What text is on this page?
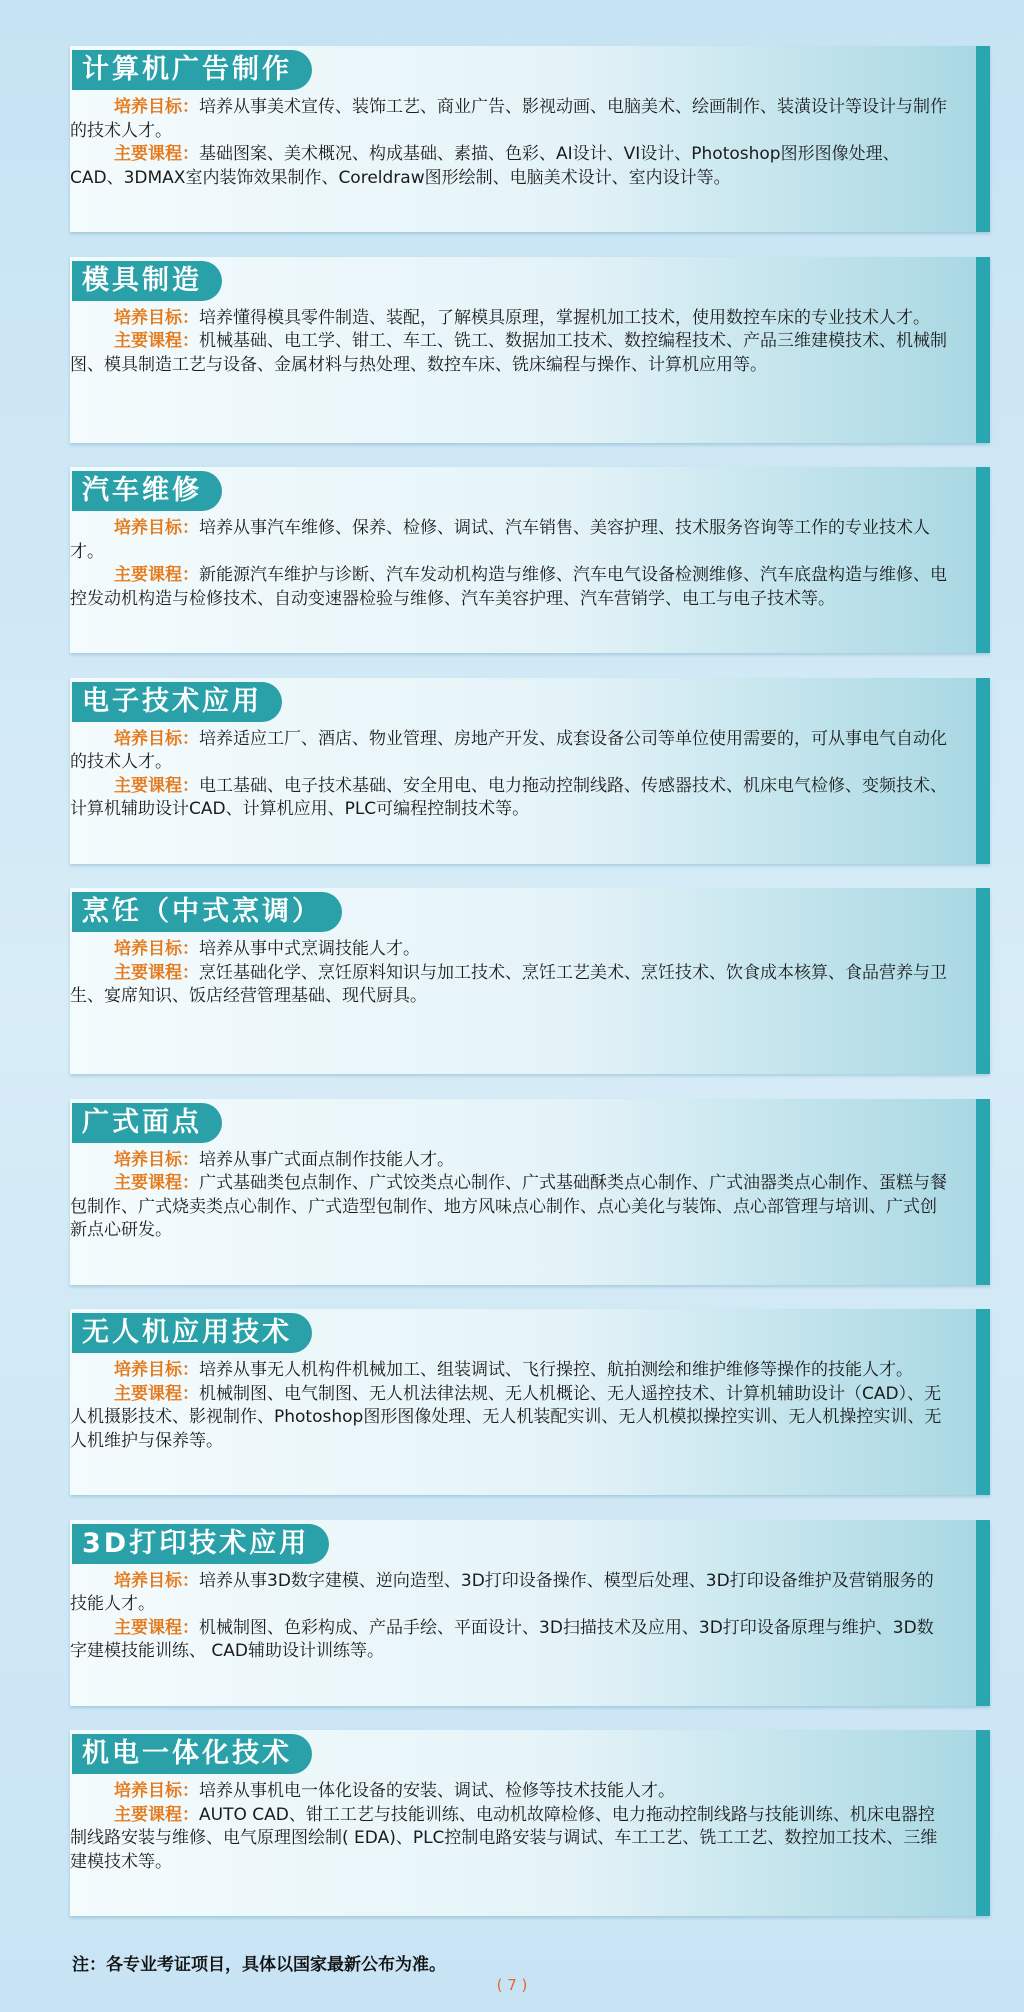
计算机广告制作

培养目标：培养从事美术宣传、装饰工艺、商业广告、影视动画、电脑美术、绘画制作、装潢设计等设计与制作的技术人才。

主要课程：基础图案、美术概况、构成基础、素描、色彩、AI设计、VI设计、Photoshop图形图像处理、CAD、3DMAX室内装饰效果制作、Coreldraw图形绘制、电脑美术设计、室内设计等。

模具制造

培养目标：培养懂得模具零件制造、装配，了解模具原理，掌握机加工技术，使用数控车床的专业技术人才。

主要课程：机械基础、电工学、钳工、车工、铣工、数据加工技术、数控编程技术、产品三维建模技术、机械制图、模具制造工艺与设备、金属材料与热处理、数控车床、铣床编程与操作、计算机应用等。

汽车维修

培养目标：培养从事汽车维修、保养、检修、调试、汽车销售、美容护理、技术服务咨询等工作的专业技术人才。

主要课程：新能源汽车维护与诊断、汽车发动机构造与维修、汽车电气设备检测维修、汽车底盘构造与维修、电控发动机构造与检修技术、自动变速器检验与维修、汽车美容护理、汽车营销学、电工与电子技术等。

电子技术应用

培养目标：培养适应工厂、酒店、物业管理、房地产开发、成套设备公司等单位使用需要的，可从事电气自动化的技术人才。

主要课程：电工基础、电子技术基础、安全用电、电力拖动控制线路、传感器技术、机床电气检修、变频技术、计算机辅助设计CAD、计算机应用、PLC可编程控制技术等。

烹饪（中式烹调）

培养目标：培养从事中式烹调技能人才。

主要课程：烹饪基础化学、烹饪原料知识与加工技术、烹饪工艺美术、烹饪技术、饮食成本核算、食品营养与卫生、宴席知识、饭店经营管理基础、现代厨具。

广式面点

培养目标：培养从事广式面点制作技能人才。

主要课程：广式基础类包点制作、广式饺类点心制作、广式基础酥类点心制作、广式油器类点心制作、蛋糕与餐包制作、广式烧卖类点心制作、广式造型包制作、地方风味点心制作、点心美化与装饰、点心部管理与培训、广式创新点心研发。

无人机应用技术

培养目标：培养从事无人机构件机械加工、组装调试、飞行操控、航拍测绘和维护维修等操作的技能人才。

主要课程：机械制图、电气制图、无人机法律法规、无人机概论、无人遥控技术、计算机辅助设计（CAD）、无人机摄影技术、影视制作、Photoshop图形图像处理、无人机装配实训、无人机模拟操控实训、无人机操控实训、无人机维护与保养等。

3D打印技术应用

培养目标：培养从事3D数字建模、逆向造型、3D打印设备操作、模型后处理、3D打印设备维护及营销服务的技能人才。

主要课程：机械制图、色彩构成、产品手绘、平面设计、3D扫描技术及应用、3D打印设备原理与维护、3D数字建模技能训练、 CAD辅助设计训练等。

机电一体化技术

培养目标：培养从事机电一体化设备的安装、调试、检修等技术技能人才。

主要课程：AUTO CAD、钳工工艺与技能训练、电动机故障检修、电力拖动控制线路与技能训练、机床电器控制线路安装与维修、电气原理图绘制( EDA)、PLC控制电路安装与调试、车工工艺、铣工工艺、数控加工技术、三维建模技术等。

注：各专业考证项目，具体以国家最新公布为准。
( 7 )
